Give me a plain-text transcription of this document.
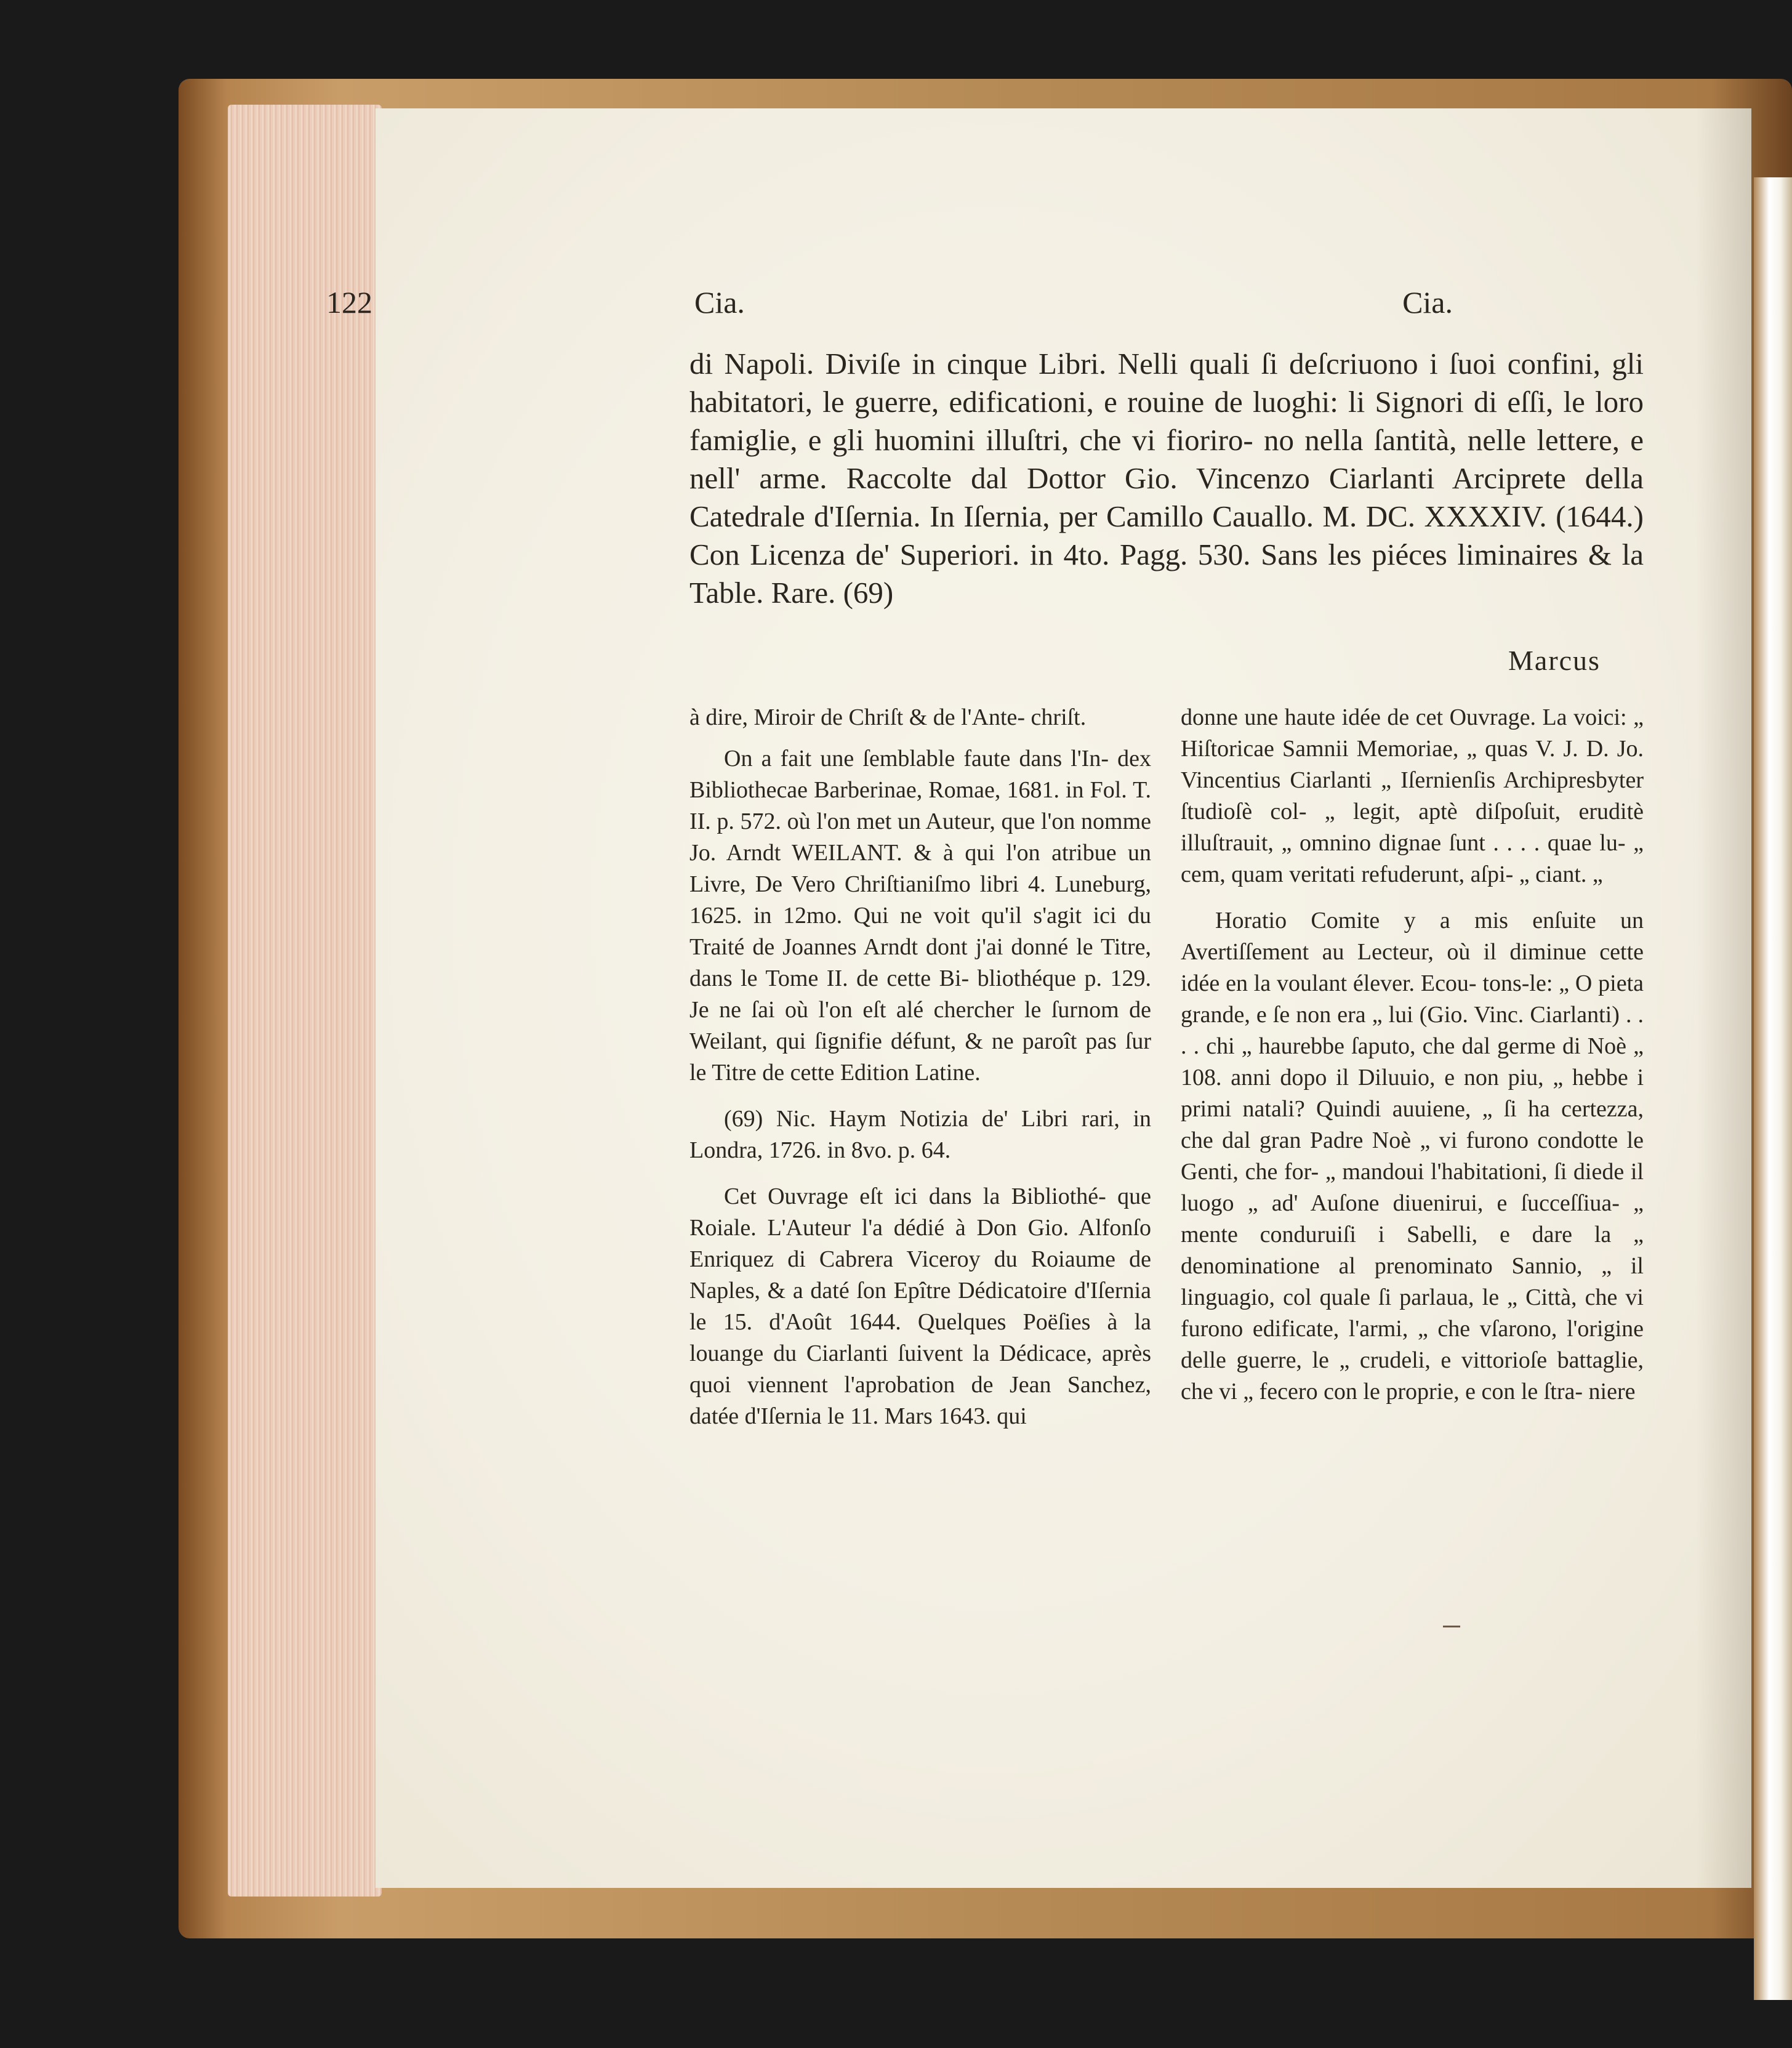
122	Cia.	Cia.

di Napoli. Diviſe in cinque Libri. Nelli quali ſi deſcriuono i ſuoi confini, gli habitatori, le guerre, edificationi, e rouine de luoghi: li Signori di eſſi, le loro famiglie, e gli huomini illuſtri, che vi fioriro- no nella ſantità, nelle lettere, e nell' arme. Raccolte dal Dottor Gio. Vincenzo Ciarlanti Arciprete della Catedrale d'Iſernia. In Iſernia, per Camillo Cauallo. M. DC. XXXXIV. (1644.) Con Licenza de' Superiori. in 4to. Pagg. 530. Sans les piéces liminaires & la Table. Rare. (69)

Marcus

à dire, Miroir de Chriſt & de l'Ante- chriſt.

On a fait une ſemblable faute dans l'In- dex Bibliothecae Barberinae, Romae, 1681. in Fol. T. II. p. 572. où l'on met un Auteur, que l'on nomme Jo. Arndt WEILANT. & à qui l'on atribue un Livre, De Vero Chriſtianiſmo libri 4. Luneburg, 1625. in 12mo. Qui ne voit qu'il s'agit ici du Traité de Joannes Arndt dont j'ai donné le Titre, dans le Tome II. de cette Bi- bliothéque p. 129. Je ne ſai où l'on eſt alé chercher le ſurnom de Weilant, qui ſignifie défunt, & ne paroît pas ſur le Titre de cette Edition Latine.

(69) Nic. Haym Notizia de' Libri rari, in Londra, 1726. in 8vo. p. 64.

Cet Ouvrage eſt ici dans la Bibliothé- que Roiale. L'Auteur l'a dédié à Don Gio. Alfonſo Enriquez di Cabrera Viceroy du Roiaume de Naples, & a daté ſon Epître Dédicatoire d'Iſernia le 15. d'Août 1644. Quelques Poëſies à la louange du Ciarlanti ſuivent la Dédicace, après quoi viennent l'aprobation de Jean Sanchez, datée d'Iſernia le 11. Mars 1643. qui

donne une haute idée de cet Ouvrage. La voici: „ Hiſtoricae Samnii Memoriae, „ quas V. J. D. Jo. Vincentius Ciarlanti „ Iſernienſis Archipresbyter ſtudioſè col- „ legit, aptè diſpoſuit, eruditè illuſtrauit, „ omnino dignae ſunt . . . . quae lu- „ cem, quam veritati refuderunt, aſpi- „ ciant. „

Horatio Comite y a mis enſuite un Avertiſſement au Lecteur, où il diminue cette idée en la voulant élever. Ecou- tons-le: „ O pieta grande, e ſe non era „ lui (Gio. Vinc. Ciarlanti) . . . . chi „ haurebbe ſaputo, che dal germe di Noè „ 108. anni dopo il Diluuio, e non piu, „ hebbe i primi natali? Quindi auuiene, „ ſi ha certezza, che dal gran Padre Noè „ vi furono condotte le Genti, che for- „ mandoui l'habitationi, ſi diede il luogo „ ad' Auſone diuenirui, e ſucceſſiua- „ mente conduruiſi i Sabelli, e dare la „ denominatione al prenominato Sannio, „ il linguagio, col quale ſi parlaua, le „ Città, che vi furono edificate, l'armi, „ che vſarono, l'origine delle guerre, le „ crudeli, e vittorioſe battaglie, che vi „ fecero con le proprie, e con le ſtra- niere
